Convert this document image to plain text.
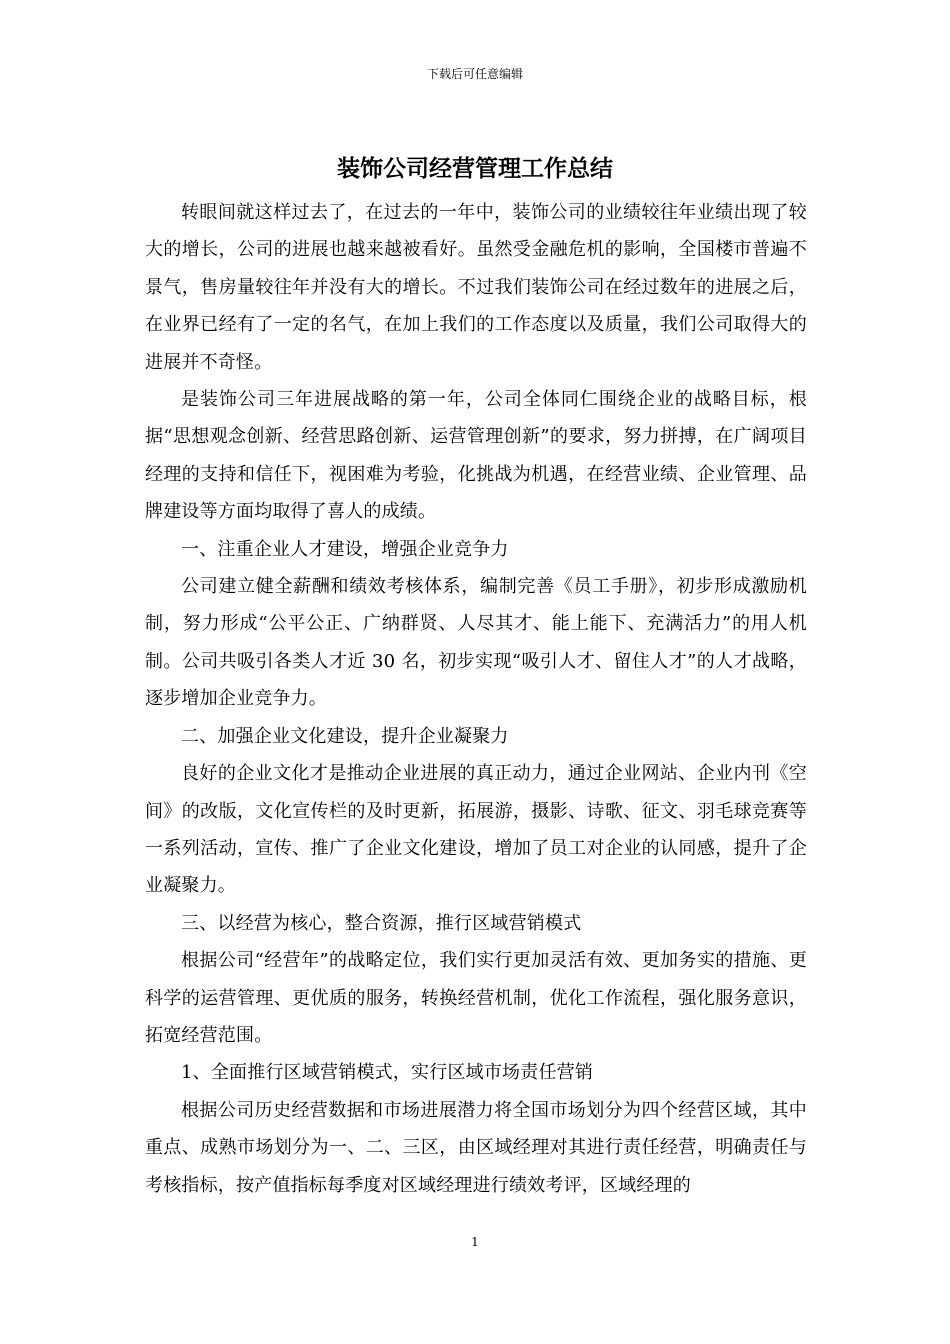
下载后可任意编辑
装饰公司经营管理工作总结

转眼间就这样过去了，在过去的一年中，装饰公司的业绩较往年业绩出现了较大的增长，公司的进展也越来越被看好。虽然受金融危机的影响，全国楼市普遍不景气，售房量较往年并没有大的增长。不过我们装饰公司在经过数年的进展之后，在业界已经有了一定的名气，在加上我们的工作态度以及质量，我们公司取得大的进展并不奇怪。

是装饰公司三年进展战略的第一年，公司全体同仁围绕企业的战略目标，根据“思想观念创新、经营思路创新、运营管理创新”的要求，努力拼搏，在广阔项目经理的支持和信任下，视困难为考验，化挑战为机遇，在经营业绩、企业管理、品牌建设等方面均取得了喜人的成绩。

一、注重企业人才建设，增强企业竞争力

公司建立健全薪酬和绩效考核体系，编制完善《员工手册》，初步形成激励机制，努力形成“公平公正、广纳群贤、人尽其才、能上能下、充满活力”的用人机制。公司共吸引各类人才近 30 名，初步实现“吸引人才、留住人才”的人才战略，逐步增加企业竞争力。

二、加强企业文化建设，提升企业凝聚力

良好的企业文化才是推动企业进展的真正动力，通过企业网站、企业内刊《空间》的改版，文化宣传栏的及时更新，拓展游，摄影、诗歌、征文、羽毛球竞赛等一系列活动，宣传、推广了企业文化建设，增加了员工对企业的认同感，提升了企业凝聚力。

三、以经营为核心，整合资源，推行区域营销模式

根据公司“经营年”的战略定位，我们实行更加灵活有效、更加务实的措施、更科学的运营管理、更优质的服务，转换经营机制，优化工作流程，强化服务意识，拓宽经营范围。

1、全面推行区域营销模式，实行区域市场责任营销

根据公司历史经营数据和市场进展潜力将全国市场划分为四个经营区域，其中重点、成熟市场划分为一、二、三区，由区域经理对其进行责任经营，明确责任与考核指标，按产值指标每季度对区域经理进行绩效考评，区域经理的

1
